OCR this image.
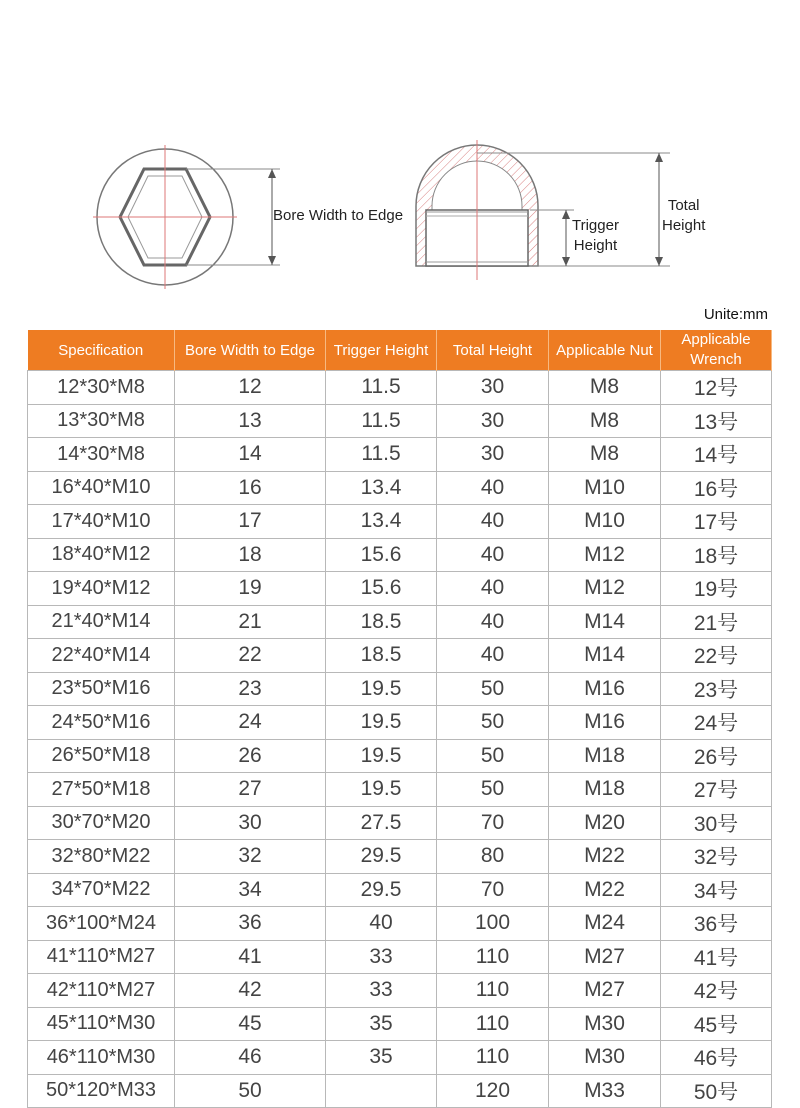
Bore Width to Edge
Trigger
Height
Total
Height
Unite:mm
Specification	Bore Width to Edge	Trigger Height	Total Height	Applicable Nut	Applicable Wrench
12*30*M8	12	11.5	30	M8	12号
13*30*M8	13	11.5	30	M8	13号
14*30*M8	14	11.5	30	M8	14号
16*40*M10	16	13.4	40	M10	16号
17*40*M10	17	13.4	40	M10	17号
18*40*M12	18	15.6	40	M12	18号
19*40*M12	19	15.6	40	M12	19号
21*40*M14	21	18.5	40	M14	21号
22*40*M14	22	18.5	40	M14	22号
23*50*M16	23	19.5	50	M16	23号
24*50*M16	24	19.5	50	M16	24号
26*50*M18	26	19.5	50	M18	26号
27*50*M18	27	19.5	50	M18	27号
30*70*M20	30	27.5	70	M20	30号
32*80*M22	32	29.5	80	M22	32号
34*70*M22	34	29.5	70	M22	34号
36*100*M24	36	40	100	M24	36号
41*110*M27	41	33	110	M27	41号
42*110*M27	42	33	110	M27	42号
45*110*M30	45	35	110	M30	45号
46*110*M30	46	35	110	M30	46号
50*120*M33	50		120	M33	50号
